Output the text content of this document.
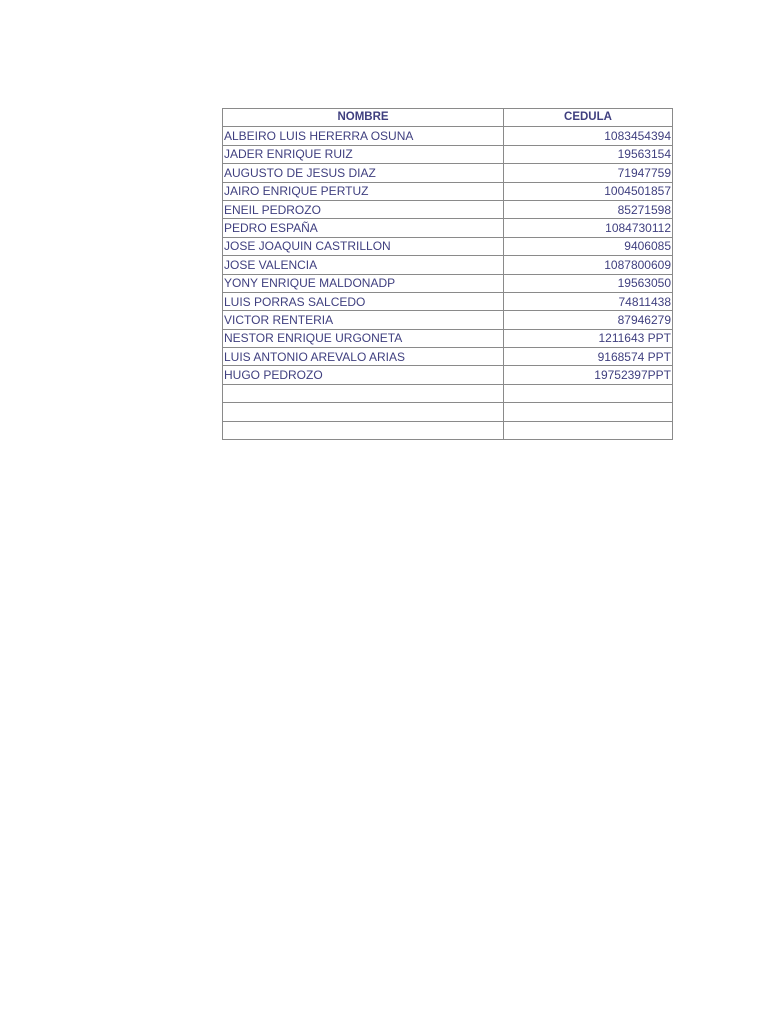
NOMBRE	CEDULA
ALBEIRO LUIS HERERRA OSUNA	1083454394
JADER ENRIQUE RUIZ	19563154
AUGUSTO DE JESUS DIAZ	71947759
JAIRO ENRIQUE PERTUZ	1004501857
ENEIL PEDROZO	85271598
PEDRO ESPAÑA	1084730112
JOSE JOAQUIN CASTRILLON	9406085
JOSE VALENCIA	1087800609
YONY ENRIQUE MALDONADP	19563050
LUIS PORRAS SALCEDO	74811438
VICTOR RENTERIA	87946279
NESTOR ENRIQUE URGONETA	1211643 PPT
LUIS ANTONIO AREVALO ARIAS	9168574 PPT
HUGO PEDROZO	19752397PPT
